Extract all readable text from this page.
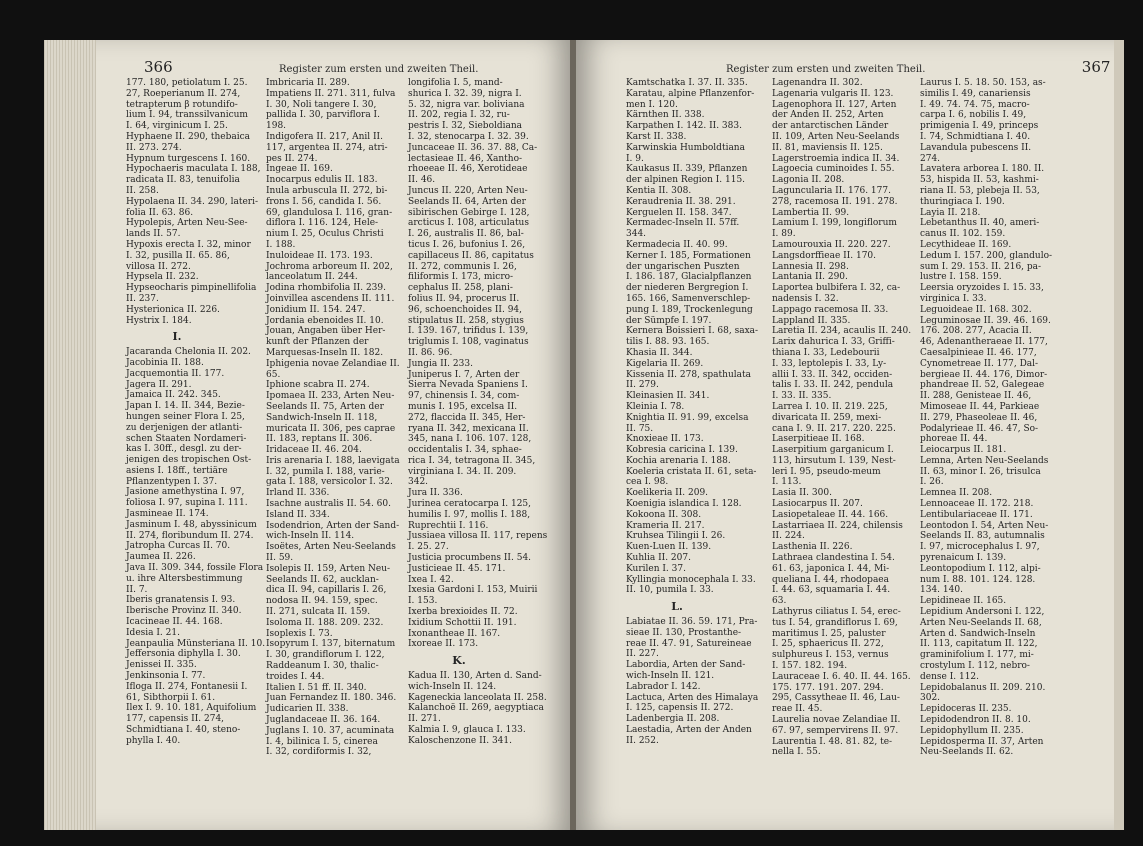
366	Register zum ersten und zweiten Theil.
177. 180, petiolatum I. 25.
27, Roeperianum II. 274,
tetrapterum β rotundifo-
lium I. 94, transsilvanicum
I. 64, virginicum I. 25.
Hyphaene II. 290, thebaica
II. 273. 274.
Hypnum turgescens I. 160.
Hypochaeris maculata I. 188,
radicata II. 83, tenuifolia
II. 258.
Hypolaena II. 34. 290, lateri-
folia II. 63. 86.
Hypolepis, Arten Neu-See-
lands II. 57.
Hypoxis erecta I. 32, minor
I. 32, pusilla II. 65. 86,
villosa II. 272.
Hypsela II. 232.
Hypseocharis pimpinellifolia
II. 237.
Hysterionica II. 226.
Hystrix I. 184.
I.
Jacaranda Chelonia II. 202.
Jacobinia II. 188.
Jacquemontia II. 177.
Jagera II. 291.
Jamaica II. 242. 345.
Japan I. 14. II. 344, Bezie-
hungen seiner Flora I. 25,
zu derjenigen der atlanti-
schen Staaten Nordameri-
kas I. 30ff., desgl. zu der-
jenigen des tropischen Ost-
asiens I. 18ff., tertiäre
Pflanzentypen I. 37.
Jasione amethystina I. 97,
foliosa I. 97, supina I. 111.
Jasmineae II. 174.
Jasminum I. 48, abyssinicum
II. 274, floribundum II. 274.
Jatropha Curcas II. 70.
Jaumea II. 226.
Java II. 309. 344, fossile Flora
u. ihre Altersbestimmung
II. 7.
Iberis granatensis I. 93.
Iberische Provinz II. 340.
Icacineae II. 44. 168.
Idesia I. 21.
Jeanpaulia Münsteriana II. 10.
Jeffersonia diphylla I. 30.
Jenissei II. 335.
Jenkinsonia I. 77.
Ifloga II. 274, Fontanesii I.
61, Sibthorpii I. 61.
Ilex I. 9. 10. 181, Aquifolium
177, capensis II. 274,
Schmidtiana I. 40, steno-
phylla I. 40.
Imbricaria II. 289.
Impatiens II. 271. 311, fulva
I. 30, Noli tangere I. 30,
pallida I. 30, parviflora I.
198.
Indigofera II. 217, Anil II.
117, argentea II. 274, atri-
pes II. 274.
Ingeae II. 169.
Inocarpus edulis II. 183.
Inula arbuscula II. 272, bi-
frons I. 56, candida I. 56.
69, glandulosa I. 116, gran-
diflora I. 116. 124, Hele-
nium I. 25, Oculus Christi
I. 188.
Inuloideae II. 173. 193.
Jochroma arboreum II. 202,
lanceolatum II. 244.
Jodina rhombifolia II. 239.
Joinvillea ascendens II. 111.
Jonidium II. 154. 247.
Jordania ebenoides II. 10.
Jouan, Angaben über Her-
kunft der Pflanzen der
Marquesas-Inseln II. 182.
Iphigenia novae Zelandiae II.
65.
Iphione scabra II. 274.
Ipomaea II. 233, Arten Neu-
Seelands II. 75, Arten der
Sandwich-Inseln II. 118,
muricata II. 306, pes caprae
II. 183, reptans II. 306.
Iridaceae II. 46. 204.
Iris arenaria I. 188, laevigata
I. 32, pumila I. 188, varie-
gata I. 188, versicolor I. 32.
Irland II. 336.
Isachne australis II. 54. 60.
Island II. 334.
Isodendrion, Arten der Sand-
wich-Inseln II. 114.
Isoëtes, Arten Neu-Seelands
II. 59.
Isolepis II. 159, Arten Neu-
Seelands II. 62, aucklan-
dica II. 94, capillaris I. 26,
nodosa II. 94. 159, spec.
II. 271, sulcata II. 159.
Isoloma II. 188. 209. 232.
Isoplexis I. 73.
Isopyrum I. 137, biternatum
I. 30, grandiflorum I. 122,
Raddeanum I. 30, thalic-
troides I. 44.
Italien I. 51 ff. II. 340.
Juan Fernandez II. 180. 346.
Judicarien II. 338.
Juglandaceae II. 36. 164.
Juglans I. 10. 37, acuminata
I. 4, bilinica I. 5, cinerea
I. 32, cordiformis I. 32,
longifolia I. 5, mand-
shurica I. 32. 39, nigra I.
5. 32, nigra var. boliviana
II. 202, regia I. 32, ru-
pestris I. 32, Sieboldiana
I. 32, stenocarpa I. 32. 39.
Juncaceae II. 36. 37. 88, Ca-
lectasieae II. 46, Xantho-
rhoeeae II. 46, Xerotideae
II. 46.
Juncus II. 220, Arten Neu-
Seelands II. 64, Arten der
sibirischen Gebirge I. 128,
arcticus I. 108, articulatus
I. 26, australis II. 86, bal-
ticus I. 26, bufonius I. 26,
capillaceus II. 86, capitatus
II. 272, communis I. 26,
filiformis I. 173, micro-
cephalus II. 258, plani-
folius II. 94, procerus II.
96, schoenchoides II. 94,
stipulatus II. 258, stygius
I. 139. 167, trifidus I. 139,
triglumis I. 108, vaginatus
II. 86. 96.
Jungia II. 233.
Juniperus I. 7, Arten der
Sierra Nevada Spaniens I.
97, chinensis I. 34, com-
munis I. 195, excelsa II.
272, flaccida II. 345, Her-
ryana II. 342, mexicana II.
345, nana I. 106. 107. 128,
occidentalis I. 34, sphae-
rica I. 34, tetragona II. 345,
virginiana I. 34. II. 209.
342.
Jura II. 336.
Jurinea ceratocarpa I. 125,
humilis I. 97, mollis I. 188,
Ruprechtii I. 116.
Jussiaea villosa II. 117, repens
I. 25. 27.
Justicia procumbens II. 54.
Justicieae II. 45. 171.
Ixea I. 42.
Ixesia Gardoni I. 153, Muirii
I. 153.
Ixerba brexioides II. 72.
Ixidium Schottii II. 191.
Ixonantheae II. 167.
Ixoreae II. 173.
K.
Kadua II. 130, Arten d. Sand-
wich-Inseln II. 124.
Kageneckia lanceolata II. 258.
Kalanchoë II. 269, aegyptiaca
II. 271.
Kalmia I. 9, glauca I. 133.
Kaloschenzone II. 341.
Register zum ersten und zweiten Theil.	367
Kamtschatka I. 37. II. 335.
Karatau, alpine Pflanzenfor-
men I. 120.
Kärnthen II. 338.
Karpathen I. 142. II. 383.
Karst II. 338.
Karwinskia Humboldtiana
I. 9.
Kaukasus II. 339, Pflanzen
der alpinen Region I. 115.
Kentia II. 308.
Keraudrenia II. 38. 291.
Kerguelen II. 158. 347.
Kermadec-Inseln II. 57ff.
344.
Kermadecia II. 40. 99.
Kerner I. 185, Formationen
der ungarischen Puszten
I. 186. 187, Glacialpflanzen
der niederen Bergregion I.
165. 166, Samenverschlep-
pung I. 189, Trockenlegung
der Sümpfe I. 197.
Kernera Boissieri I. 68, saxa-
tilis I. 88. 93. 165.
Khasia II. 344.
Kigelaria II. 269.
Kissenia II. 278, spathulata
II. 279.
Kleinasien II. 341.
Kleinia I. 78.
Knightia II. 91. 99, excelsa
II. 75.
Knoxieae II. 173.
Kobresia caricina I. 139.
Kochia arenaria I. 188.
Koeleria cristata II. 61, seta-
cea I. 98.
Koelikeria II. 209.
Koenigia islandica I. 128.
Kokoona II. 308.
Krameria II. 217.
Kruhsea Tilingii I. 26.
Kuen-Luen II. 139.
Kuhlia II. 207.
Kurilen I. 37.
Kyllingia monocephala I. 33.
II. 10, pumila I. 33.
L.
Labiatae II. 36. 59. 171, Pra-
sieae II. 130, Prostanthe-
reae II. 47. 91, Satureineae
II. 227.
Labordia, Arten der Sand-
wich-Inseln II. 121.
Labrador I. 142.
Lactuca, Arten des Himalaya
I. 125, capensis II. 272.
Ladenbergia II. 208.
Laestadia, Arten der Anden
II. 252.
Lagenandra II. 302.
Lagenaria vulgaris II. 123.
Lagenophora II. 127, Arten
der Anden II. 252, Arten
der antarctischen Länder
II. 109, Arten Neu-Seelands
II. 81, maviensis II. 125.
Lagerstroemia indica II. 34.
Lagoecia cuminoides I. 55.
Lagonia II. 208.
Laguncularia II. 176. 177.
278, racemosa II. 191. 278.
Lambertia II. 99.
Lamium I. 199, longiflorum
I. 89.
Lamourouxia II. 220. 227.
Langsdorffieae II. 170.
Lannesia II. 298.
Lantania II. 290.
Laportea bulbifera I. 32, ca-
nadensis I. 32.
Lappago racemosa II. 33.
Lappland II. 335.
Laretia II. 234, acaulis II. 240.
Larix dahurica I. 33, Griffi-
thiana I. 33, Ledebourii
I. 33, leptolepis I. 33, Ly-
allii I. 33. II. 342, occiden-
talis I. 33. II. 242, pendula
I. 33. II. 335.
Larrea I. 10. II. 219. 225,
divaricata II. 259, mexi-
cana I. 9. II. 217. 220. 225.
Laserpitieae II. 168.
Laserpitium garganicum I.
113, hirsutum I. 139, Nest-
leri I. 95, pseudo-meum
I. 113.
Lasia II. 300.
Lasiocarpus II. 207.
Lasiopetaleae II. 44. 166.
Lastarriaea II. 224, chilensis
II. 224.
Lasthenia II. 226.
Lathraea clandestina I. 54.
61. 63, japonica I. 44, Mi-
queliana I. 44, rhodopaea
I. 44. 63, squamaria I. 44.
63.
Lathyrus ciliatus I. 54, erec-
tus I. 54, grandiflorus I. 69,
maritimus I. 25, paluster
I. 25, sphaericus II. 272,
sulphureus I. 153, vernus
I. 157. 182. 194.
Lauraceae I. 6. 40. II. 44. 165.
175. 177. 191. 207. 294.
295, Cassytheae II. 46, Lau-
reae II. 45.
Laurelia novae Zelandiae II.
67. 97, sempervirens II. 97.
Laurentia I. 48. 81. 82, te-
nella I. 55.
Laurus I. 5. 18. 50. 153, as-
similis I. 49, canariensis
I. 49. 74. 74. 75, macro-
carpa I. 6, nobilis I. 49,
primigenia I. 49, princeps
I. 74, Schmidtiana I. 40.
Lavandula pubescens II.
274.
Lavatera arborea I. 180. II.
53, hispida II. 53, kashmi-
riana II. 53, plebeja II. 53,
thuringiaca I. 190.
Layia II. 218.
Lebetanthus II. 40, ameri-
canus II. 102. 159.
Lecythideae II. 169.
Ledum I. 157. 200, glandulo-
sum I. 29. 153. II. 216, pa-
lustre I. 158. 159.
Leersia oryzoides I. 15. 33,
virginica I. 33.
Leguoideae II. 168. 302.
Leguminosae II. 39. 46. 169.
176. 208. 277, Acacia II.
46, Adenantheraeae II. 177,
Caesalpinieae II. 46. 177,
Cynometreae II. 177, Dal-
bergieae II. 44. 176, Dimor-
phandreae II. 52, Galegeae
II. 288, Genisteae II. 46,
Mimoseae II. 44, Parkieae
II. 279, Phaseoleae II. 46,
Podalyrieae II. 46. 47, So-
phoreae II. 44.
Leiocarpus II. 181.
Lemna, Arten Neu-Seelands
II. 63, minor I. 26, trisulca
I. 26.
Lemnea II. 208.
Lennoaceae II. 172. 218.
Lentibulariaceae II. 171.
Leontodon I. 54, Arten Neu-
Seelands II. 83, autumnalis
I. 97, microcephalus I. 97,
pyrenaicum I. 139.
Leontopodium I. 112, alpi-
num I. 88. 101. 124. 128.
134. 140.
Lepidineae II. 165.
Lepidium Andersoni I. 122,
Arten Neu-Seelands II. 68,
Arten d. Sandwich-Inseln
II. 113, capitatum II. 122,
graminifolium I. 177, mi-
crostylum I. 112, nebro-
dense I. 112.
Lepidobalanus II. 209. 210.
302.
Lepidoceras II. 235.
Lepidodendron II. 8. 10.
Lepidophyllum II. 235.
Lepidosperma II. 37, Arten
Neu-Seelands II. 62.
